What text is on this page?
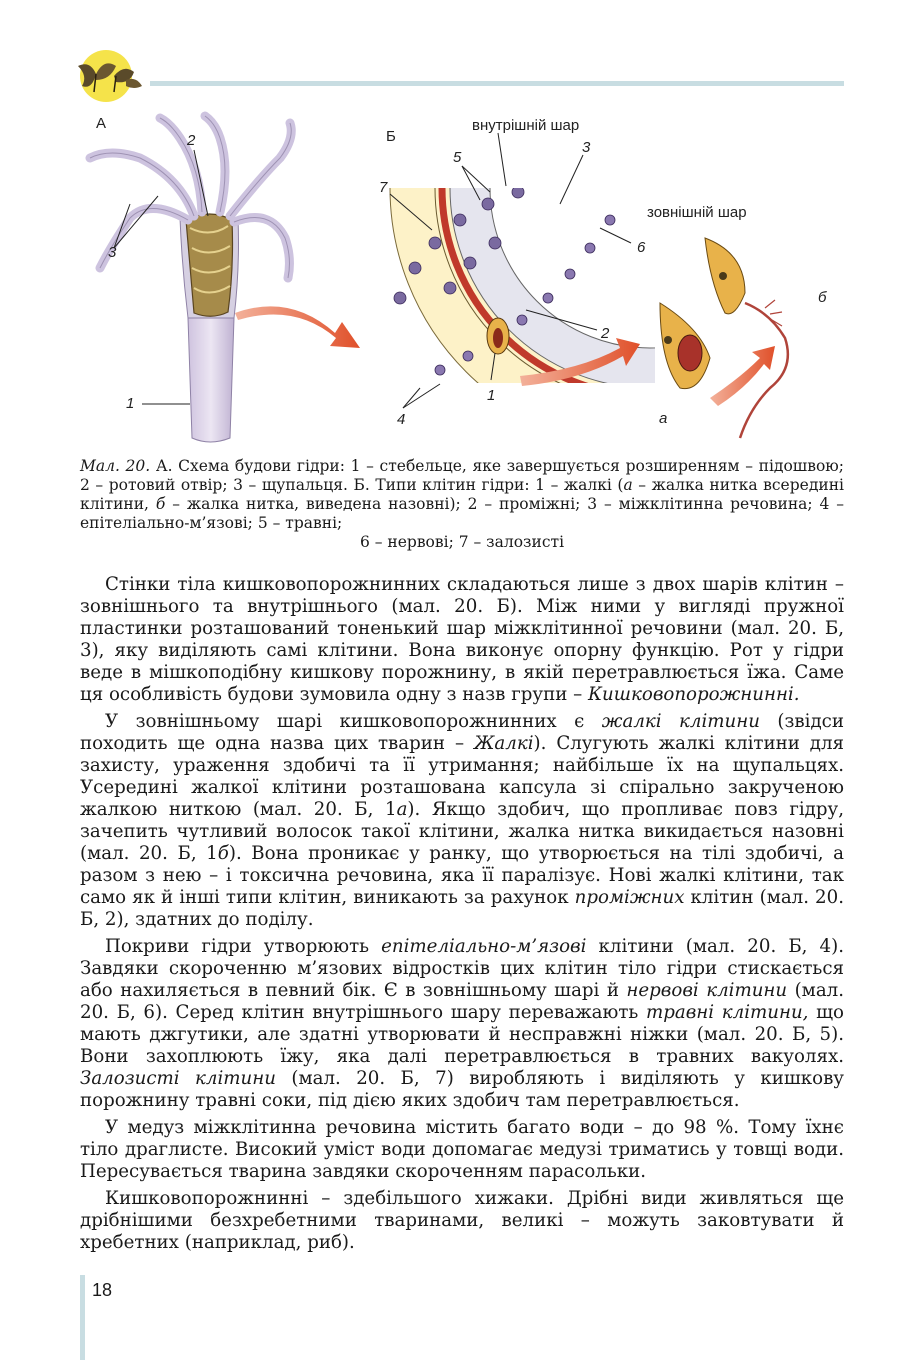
А
2
3
1
Б
внутрішній шар
зовнішній шар
5
3
7
6
2
1
4	а
б
Мал. 20. А. Схема будови гідри: 1 – стебельце, яке завершується розширенням – підошвою; 2 – ротовий отвір; 3 – щупальця. Б. Типи клітин гідри: 1 – жалкі (а – жалка нитка всередині клітини, б – жалка нитка, виведена назовні); 2 – проміжні; 3 – міжклітинна речовина; 4 – епітеліально-м’язові; 5 – травні;
6 – нервові; 7 – залозисті

Стінки тіла кишковопорожнинних складаються лише з двох шарів клітин – зовнішнього та внутрішнього (мал. 20. Б). Між ними у вигляді пружної пластинки розташований тоненький шар міжклітинної речовини (мал. 20. Б, 3), яку виділяють самі клітини. Вона виконує опорну функцію. Рот у гідри веде в мішкоподібну кишкову порожнину, в якій перетравлюється їжа. Саме ця особливість будови зумовила одну з назв групи – Кишковопорожнинні.

У зовнішньому шарі кишковопорожнинних є жалкі клітини (звідси походить ще одна назва цих тварин – Жалкі). Слугують жалкі клітини для захисту, ураження здобичі та її утримання; найбільше їх на щупальцях. Усередині жалкої клітини розташована капсула зі спірально закрученою жалкою ниткою (мал. 20. Б, 1а). Якщо здобич, що пропливає повз гідру, зачепить чутливий волосок такої клітини, жалка нитка викидається назовні (мал. 20. Б, 1б). Вона проникає у ранку, що утворюється на тілі здобичі, а разом з нею – і токсична речовина, яка її паралізує. Нові жалкі клітини, так само як й інші типи клітин, виникають за рахунок проміжних клітин (мал. 20. Б, 2), здатних до поділу.

Покриви гідри утворюють епітеліально-м’язові клітини (мал. 20. Б, 4). Завдяки скороченню м’язових відростків цих клітин тіло гідри стискається або нахиляється в певний бік. Є в зовнішньому шарі й нервові клітини (мал. 20. Б, 6). Серед клітин внутрішнього шару переважають травні клітини, що мають джгутики, але здатні утворювати й несправжні ніжки (мал. 20. Б, 5). Вони захоплюють їжу, яка далі перетравлюється в травних вакуолях. Залозисті клітини (мал. 20. Б, 7) виробляють і виділяють у кишкову порожнину травні соки, під дією яких здобич там перетравлюється.

У медуз міжклітинна речовина містить багато води – до 98 %. Тому їхнє тіло драглисте. Високий уміст води допомагає медузі триматись у товщі води. Пересувається тварина завдяки скороченням парасольки.

Кишковопорожнинні – здебільшого хижаки. Дрібні види живляться ще дрібнішими безхребетними тваринами, великі – можуть заковтувати й хребетних (наприклад, риб).

18
